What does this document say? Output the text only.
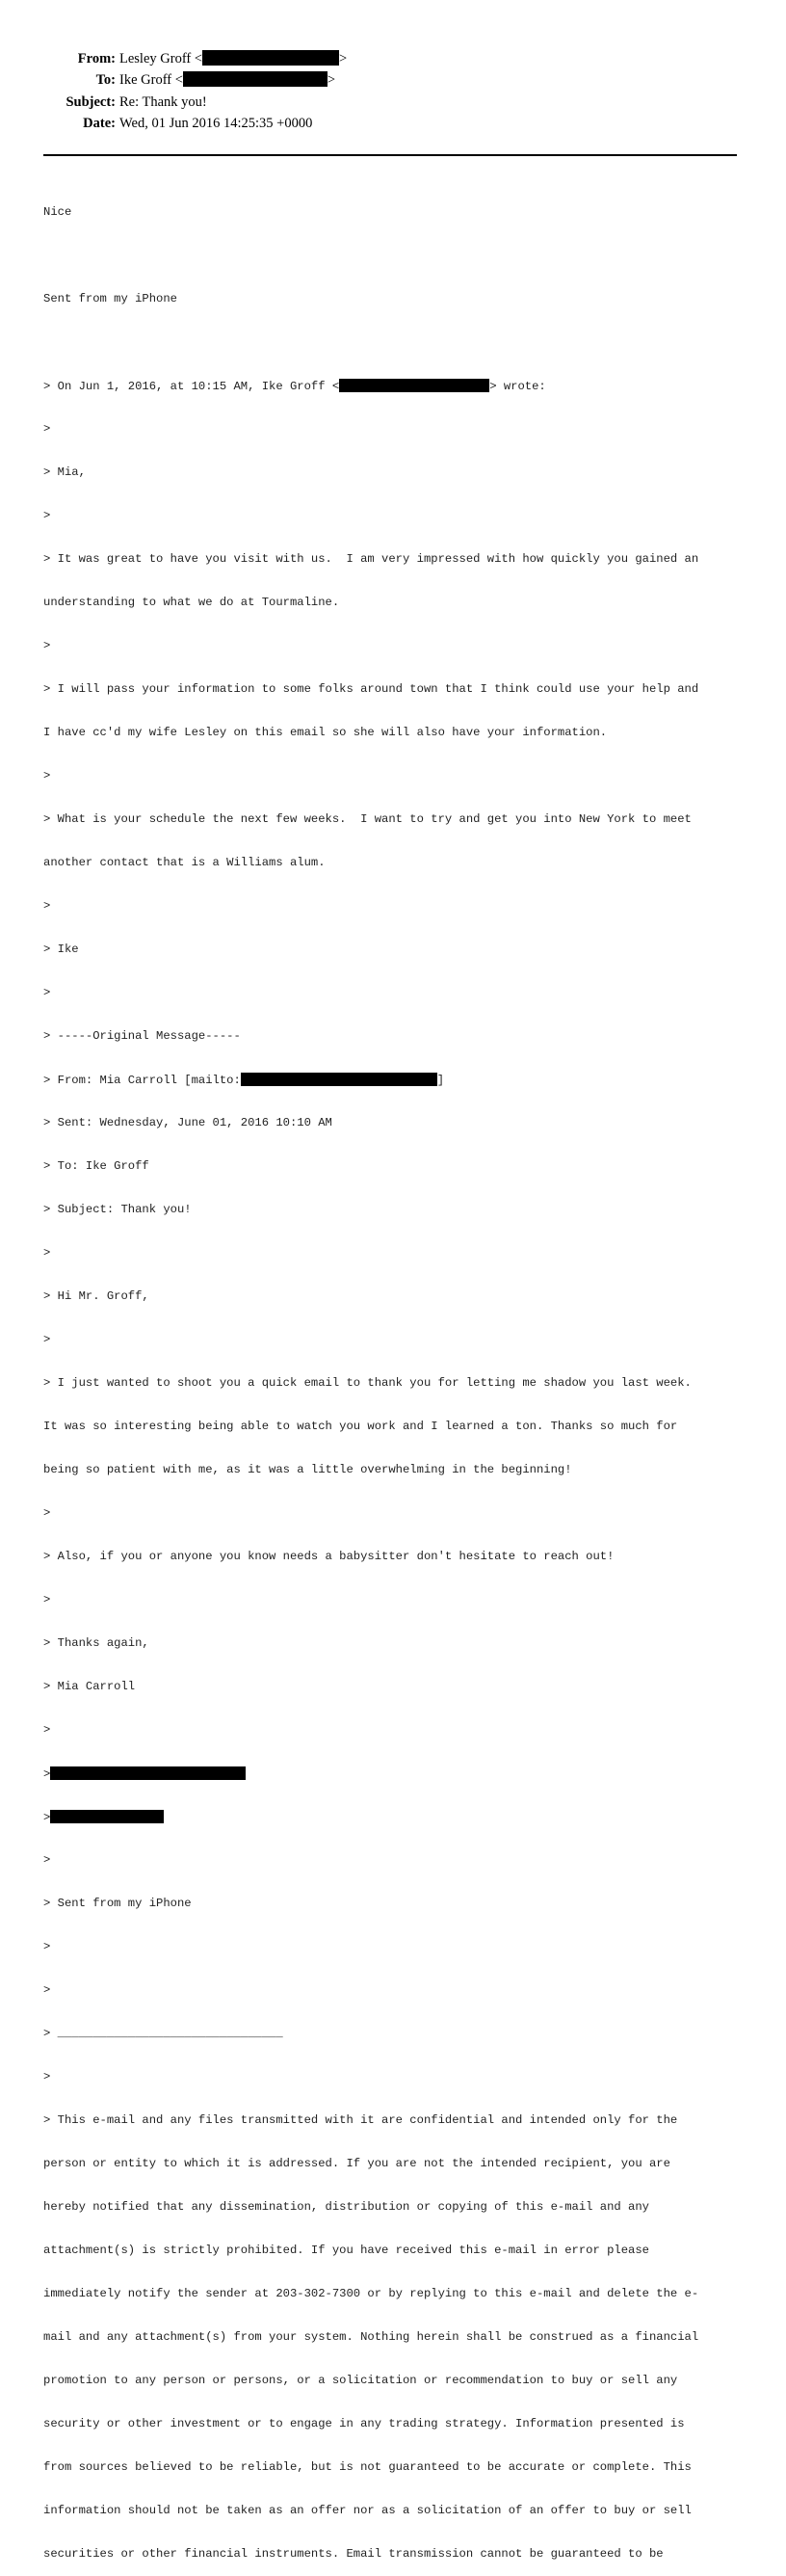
From: Lesley Groff <	>
To: Ike Groff <	>
Subject: Re: Thank you!
Date: Wed, 01 Jun 2016 14:25:35 +0000

Nice

Sent from my iPhone

> On Jun 1, 2016, at 10:15 AM, Ike Groff <	> wrote:

>

> Mia,

>

> It was great to have you visit with us.  I am very impressed with how quickly you gained an

understanding to what we do at Tourmaline.

>

> I will pass your information to some folks around town that I think could use your help and

I have cc'd my wife Lesley on this email so she will also have your information.

>

> What is your schedule the next few weeks.  I want to try and get you into New York to meet

another contact that is a Williams alum.

>

> Ike

>

> -----Original Message-----

> From: Mia Carroll [mailto:	]

> Sent: Wednesday, June 01, 2016 10:10 AM

> To: Ike Groff

> Subject: Thank you!

>

> Hi Mr. Groff,

>

> I just wanted to shoot you a quick email to thank you for letting me shadow you last week.

It was so interesting being able to watch you work and I learned a ton. Thanks so much for

being so patient with me, as it was a little overwhelming in the beginning!

>

> Also, if you or anyone you know needs a babysitter don't hesitate to reach out!

>

> Thanks again,

> Mia Carroll

>

>

>

>

> Sent from my iPhone

>

>

> ________________________________

>

> This e-mail and any files transmitted with it are confidential and intended only for the

person or entity to which it is addressed. If you are not the intended recipient, you are

hereby notified that any dissemination, distribution or copying of this e-mail and any

attachment(s) is strictly prohibited. If you have received this e-mail in error please

immediately notify the sender at 203-302-7300 or by replying to this e-mail and delete the e-

mail and any attachment(s) from your system. Nothing herein shall be construed as a financial

promotion to any person or persons, or a solicitation or recommendation to buy or sell any

security or other investment or to engage in any trading strategy. Information presented is

from sources believed to be reliable, but is not guaranteed to be accurate or complete. This

information should not be taken as an offer nor as a solicitation of an offer to buy or sell

securities or other financial instruments. Email transmission cannot be guaranteed to be
